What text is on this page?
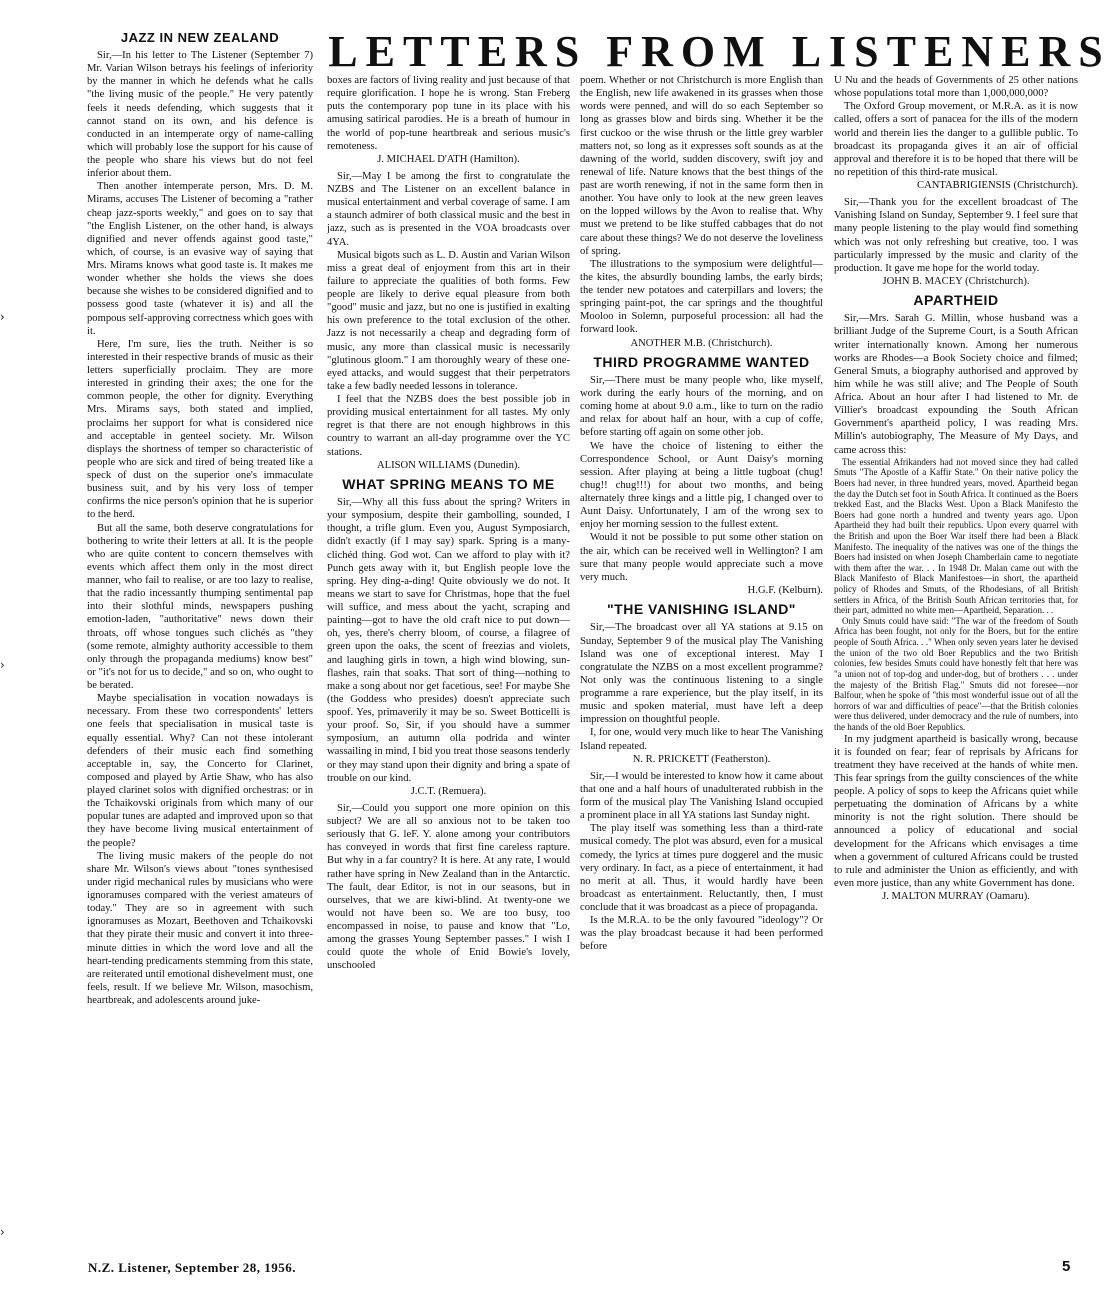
LETTERS FROM LISTENERS
JAZZ IN NEW ZEALAND

Sir,—In his letter to The Listener (September 7) Mr. Varian Wilson betrays his feelings of inferiority by the manner in which he defends what he calls "the living music of the people." He very patently feels it needs defending, which suggests that it cannot stand on its own, and his defence is conducted in an intemperate orgy of name-calling which will probably lose the support for his cause of the people who share his views but do not feel inferior about them.

Then another intemperate person, Mrs. D. M. Mirams, accuses The Listener of becoming a "rather cheap jazz-sports weekly," and goes on to say that "the English Listener, on the other hand, is always dignified and never offends against good taste," which, of course, is an evasive way of saying that Mrs. Mirams knows what good taste is. It makes me wonder whether she holds the views she does because she wishes to be considered dignified and to possess good taste (whatever it is) and all the pompous self-approving correctness which goes with it.

Here, I'm sure, lies the truth. Neither is so interested in their respective brands of music as their letters superficially proclaim. They are more interested in grinding their axes; the one for the common people, the other for dignity. Everything Mrs. Mirams says, both stated and implied, proclaims her support for what is considered nice and acceptable in genteel society. Mr. Wilson displays the shortness of temper so characteristic of people who are sick and tired of being treated like a speck of dust on the superior one's immaculate business suit, and by his very loss of temper confirms the nice person's opinion that he is superior to the herd.

But all the same, both deserve congratulations for bothering to write their letters at all. It is the people who are quite content to concern themselves with events which affect them only in the most direct manner, who fail to realise, or are too lazy to realise, that the radio incessantly thumping sentimental pap into their slothful minds, newspapers pushing emotion-laden, "authoritative" news down their throats, off whose tongues such clichés as "they (some remote, almighty authority accessible to them only through the propaganda mediums) know best" or "it's not for us to decide," and so on, who ought to be berated.

Maybe specialisation in vocation nowadays is necessary. From these two correspondents' letters one feels that specialisation in musical taste is equally essential. Why? Can not these intolerant defenders of their music each find something acceptable in, say, the Concerto for Clarinet, composed and played by Artie Shaw, who has also played clarinet solos with dignified orchestras: or in the Tchaikovski originals from which many of our popular tunes are adapted and improved upon so that they have become living musical entertainment of the people?

The living music makers of the people do not share Mr. Wilson's views about "tones synthesised under rigid mechanical rules by musicians who were ignoramuses compared with the veriest amateurs of today." They are so in agreement with such ignoramuses as Mozart, Beethoven and Tchaikovski that they pirate their music and convert it into three-minute ditties in which the word love and all the heart-tending predicaments stemming from this state, are reiterated until emotional dishevelment must, one feels, result. If we believe Mr. Wilson, masochism, heartbreak, and adolescents around juke-

boxes are factors of living reality and just because of that require glorification. I hope he is wrong. Stan Freberg puts the contemporary pop tune in its place with his amusing satirical parodies. He is a breath of humour in the world of pop-tune heartbreak and serious music's remoteness.

J. MICHAEL D'ATH (Hamilton).

Sir,—May I be among the first to congratulate the NZBS and The Listener on an excellent balance in musical entertainment and verbal coverage of same. I am a staunch admirer of both classical music and the best in jazz, such as is presented in the VOA broadcasts over 4YA.

Musical bigots such as L. D. Austin and Varian Wilson miss a great deal of enjoyment from this art in their failure to appreciate the qualities of both forms. Few people are likely to derive equal pleasure from both "good" music and jazz, but no one is justified in exalting his own preference to the total exclusion of the other. Jazz is not necessarily a cheap and degrading form of music, any more than classical music is necessarily "glutinous gloom." I am thoroughly weary of these one-eyed attacks, and would suggest that their perpetrators take a few badly needed lessons in tolerance.

I feel that the NZBS does the best possible job in providing musical entertainment for all tastes. My only regret is that there are not enough highbrows in this country to warrant an all-day programme over the YC stations.

ALISON WILLIAMS (Dunedin).

WHAT SPRING MEANS TO ME

Sir,—Why all this fuss about the spring? Writers in your symposium, despite their gambolling, sounded, I thought, a trifle glum. Even you, August Symposiarch, didn't exactly (if I may say) spark. Spring is a many-clichéd thing. God wot. Can we afford to play with it? Punch gets away with it, but English people love the spring. Hey ding-a-ding! Quite obviously we do not. It means we start to save for Christmas, hope that the fuel will suffice, and mess about the yacht, scraping and painting—got to have the old craft nice to put down—oh, yes, there's cherry bloom, of course, a filagree of green upon the oaks, the scent of freezias and violets, and laughing girls in town, a high wind blowing, sun-flashes, rain that soaks. That sort of thing—nothing to make a song about nor get facetious, see! For maybe She (the Goddess who presides) doesn't appreciate such spoof. Yes, primaverily it may be so. Sweet Botticelli is your proof. So, Sir, if you should have a summer symposium, an autumn olla podrida and winter wassailing in mind, I bid you treat those seasons tenderly or they may stand upon their dignity and bring a spate of trouble on our kind.

J.C.T. (Remuera).

Sir,—Could you support one more opinion on this subject? We are all so anxious not to be taken too seriously that G. leF. Y. alone among your contributors has conveyed in words that first fine careless rapture. But why in a far country? It is here. At any rate, I would rather have spring in New Zealand than in the Antarctic. The fault, dear Editor, is not in our seasons, but in ourselves, that we are kiwi-blind. At twenty-one we would not have been so. We are too busy, too encompassed in noise, to pause and know that "Lo, among the grasses Young September passes." I wish I could quote the whole of Enid Bowie's lovely, unschooled

poem. Whether or not Christchurch is more English than the English, new life awakened in its grasses when those words were penned, and will do so each September so long as grasses blow and birds sing. Whether it be the first cuckoo or the wise thrush or the little grey warbler matters not, so long as it expresses soft sounds as at the dawning of the world, sudden discovery, swift joy and renewal of life. Nature knows that the best things of the past are worth renewing, if not in the same form then in another. You have only to look at the new green leaves on the lopped willows by the Avon to realise that. Why must we pretend to be like stuffed cabbages that do not care about these things? We do not deserve the loveliness of spring.

The illustrations to the symposium were delightful—the kites, the absurdly bounding lambs, the early birds; the tender new potatoes and caterpillars and lovers; the springing paint-pot, the car springs and the thoughtful Mooloo in Solemn, purposeful procession: all had the forward look.

ANOTHER M.B. (Christchurch).

THIRD PROGRAMME WANTED

Sir,—There must be many people who, like myself, work during the early hours of the morning, and on coming home at about 9.0 a.m., like to turn on the radio and relax for about half an hour, with a cup of coffe, before starting off again on some other job.

We have the choice of listening to either the Correspondence School, or Aunt Daisy's morning session. After playing at being a little tugboat (chug! chug!! chug!!!) for about two months, and being alternately three kings and a little pig, I changed over to Aunt Daisy. Unfortunately, I am of the wrong sex to enjoy her morning session to the fullest extent.

Would it not be possible to put some other station on the air, which can be received well in Wellington? I am sure that many people would appreciate such a move very much.

H.G.F. (Kelburn).

"THE VANISHING ISLAND"

Sir,—The broadcast over all YA stations at 9.15 on Sunday, September 9 of the musical play The Vanishing Island was one of exceptional interest. May I congratulate the NZBS on a most excellent programme? Not only was the continuous listening to a single programme a rare experience, but the play itself, in its music and spoken material, must have left a deep impression on thoughtful people.

I, for one, would very much like to hear The Vanishing Island repeated.

N. R. PRICKETT (Featherston).

Sir,—I would be interested to know how it came about that one and a half hours of unadulterated rubbish in the form of the musical play The Vanishing Island occupied a prominent place in all YA stations last Sunday night.

The play itself was something less than a third-rate musical comedy. The plot was absurd, even for a musical comedy, the lyrics at times pure doggerel and the music very ordinary. In fact, as a piece of entertainment, it had no merit at all. Thus, it would hardly have been broadcast as entertainment. Reluctantly, then, I must conclude that it was broadcast as a piece of propaganda.

Is the M.R.A. to be the only favoured "ideology"? Or was the play broadcast because it had been performed before

U Nu and the heads of Governments of 25 other nations whose populations total more than 1,000,000,000?

The Oxford Group movement, or M.R.A. as it is now called, offers a sort of panacea for the ills of the modern world and therein lies the danger to a gullible public. To broadcast its propaganda gives it an air of official approval and therefore it is to be hoped that there will be no repetition of this third-rate musical.

CANTABRIGIENSIS (Christchurch).

Sir,—Thank you for the excellent broadcast of The Vanishing Island on Sunday, September 9. I feel sure that many people listening to the play would find something which was not only refreshing but creative, too. I was particularly impressed by the music and clarity of the production. It gave me hope for the world today.

JOHN B. MACEY (Christchurch).

APARTHEID

Sir,—Mrs. Sarah G. Millin, whose husband was a brilliant Judge of the Supreme Court, is a South African writer internationally known. Among her numerous works are Rhodes—a Book Society choice and filmed; General Smuts, a biography authorised and approved by him while he was still alive; and The People of South Africa. About an hour after I had listened to Mr. de Villier's broadcast expounding the South African Government's apartheid policy, I was reading Mrs. Millin's autobiography, The Measure of My Days, and came across this:

The essential Afrikanders had not moved since they had called Smuts "The Apostle of a Kaffir State." On their native policy the Boers had never, in three hundred years, moved. Apartheid began the day the Dutch set foot in South Africa. It continued as the Boers trekked East, and the Blacks West. Upon a Black Manifesto the Boers had gone north a hundred and twenty years ago. Upon Apartheid they had built their republics. Upon every quarrel with the British and upon the Boer War itself there had been a Black Manifesto. The inequality of the natives was one of the things the Boers had insisted on when Joseph Chamberlain came to negotiate with them after the war. . . In 1948 Dr. Malan came out with the Black Manifesto of Black Manifestoes—in short, the apartheid policy of Rhodes and Smuts, of the Rhodesians, of all British settlers in Africa, of the British South African territories that, for their part, admitted no white men—Apartheid, Separation. . .

Only Smuts could have said: "The war of the freedom of South Africa has been fought, not only for the Boers, but for the entire people of South Africa. . ." When only seven years later he devised the union of the two old Boer Republics and the two British colonies, few besides Smuts could have honestly felt that here was "a union not of top-dog and under-dog, but of brothers . . . under the majesty of the British Flag." Smuts did not foresee—nor Balfour, when he spoke of "this most wonderful issue out of all the horrors of war and difficulties of peace"—that the British colonies were thus delivered, under democracy and the rule of numbers, into the hands of the old Boer Republics.

In my judgment apartheid is basically wrong, because it is founded on fear; fear of reprisals by Africans for treatment they have received at the hands of white men. This fear springs from the guilty consciences of the white people. A policy of sops to keep the Africans quiet while perpetuating the domination of Africans by a white minority is not the right solution. There should be announced a policy of educational and social development for the Africans which envisages a time when a government of cultured Africans could be trusted to rule and administer the Union as efficiently, and with even more justice, than any white Government has done.

J. MALTON MURRAY (Oamaru).

N.Z. Listener, September 28, 1956.	5
›
›
›
